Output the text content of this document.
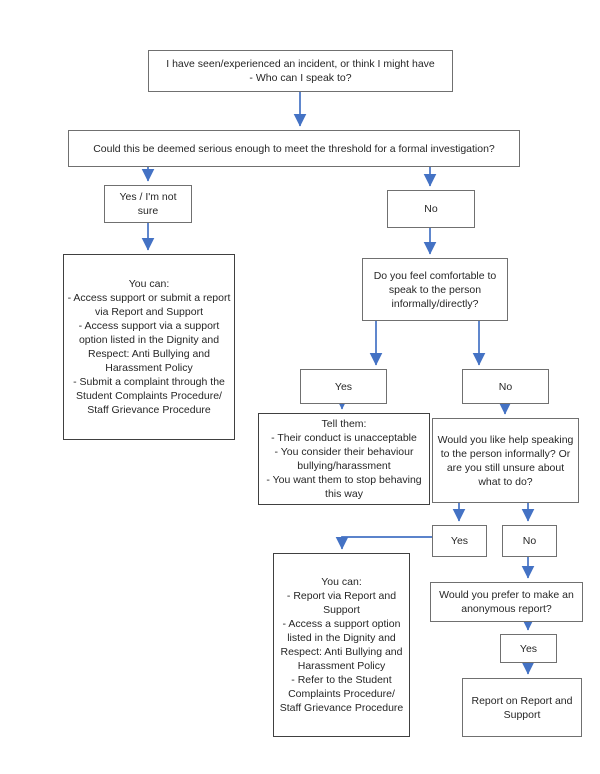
I have seen/experienced an incident, or think I might have
- Who can I speak to?
Could this be deemed serious enough to meet the threshold for a formal investigation?
Yes / I'm not sure	No
You can:
- Access support or submit a report via Report and Support
- Access support via a support option listed in the Dignity and Respect: Anti Bullying and Harassment Policy
- Submit a complaint through the Student Complaints Procedure/ Staff Grievance Procedure
Do you feel comfortable to speak to the person informally/directly?
Yes	No
Tell them:
- Their conduct is unacceptable
- You consider their behaviour bullying/harassment
- You want them to stop behaving this way
Would you like help speaking to the person informally? Or are you still unsure about what to do?
Yes	No
You can:
- Report via Report and Support
- Access a support option listed in the Dignity and Respect: Anti Bullying and Harassment Policy
- Refer to the Student Complaints Procedure/ Staff Grievance Procedure
Would you prefer to make an anonymous report?
Yes
Report on Report and Support
